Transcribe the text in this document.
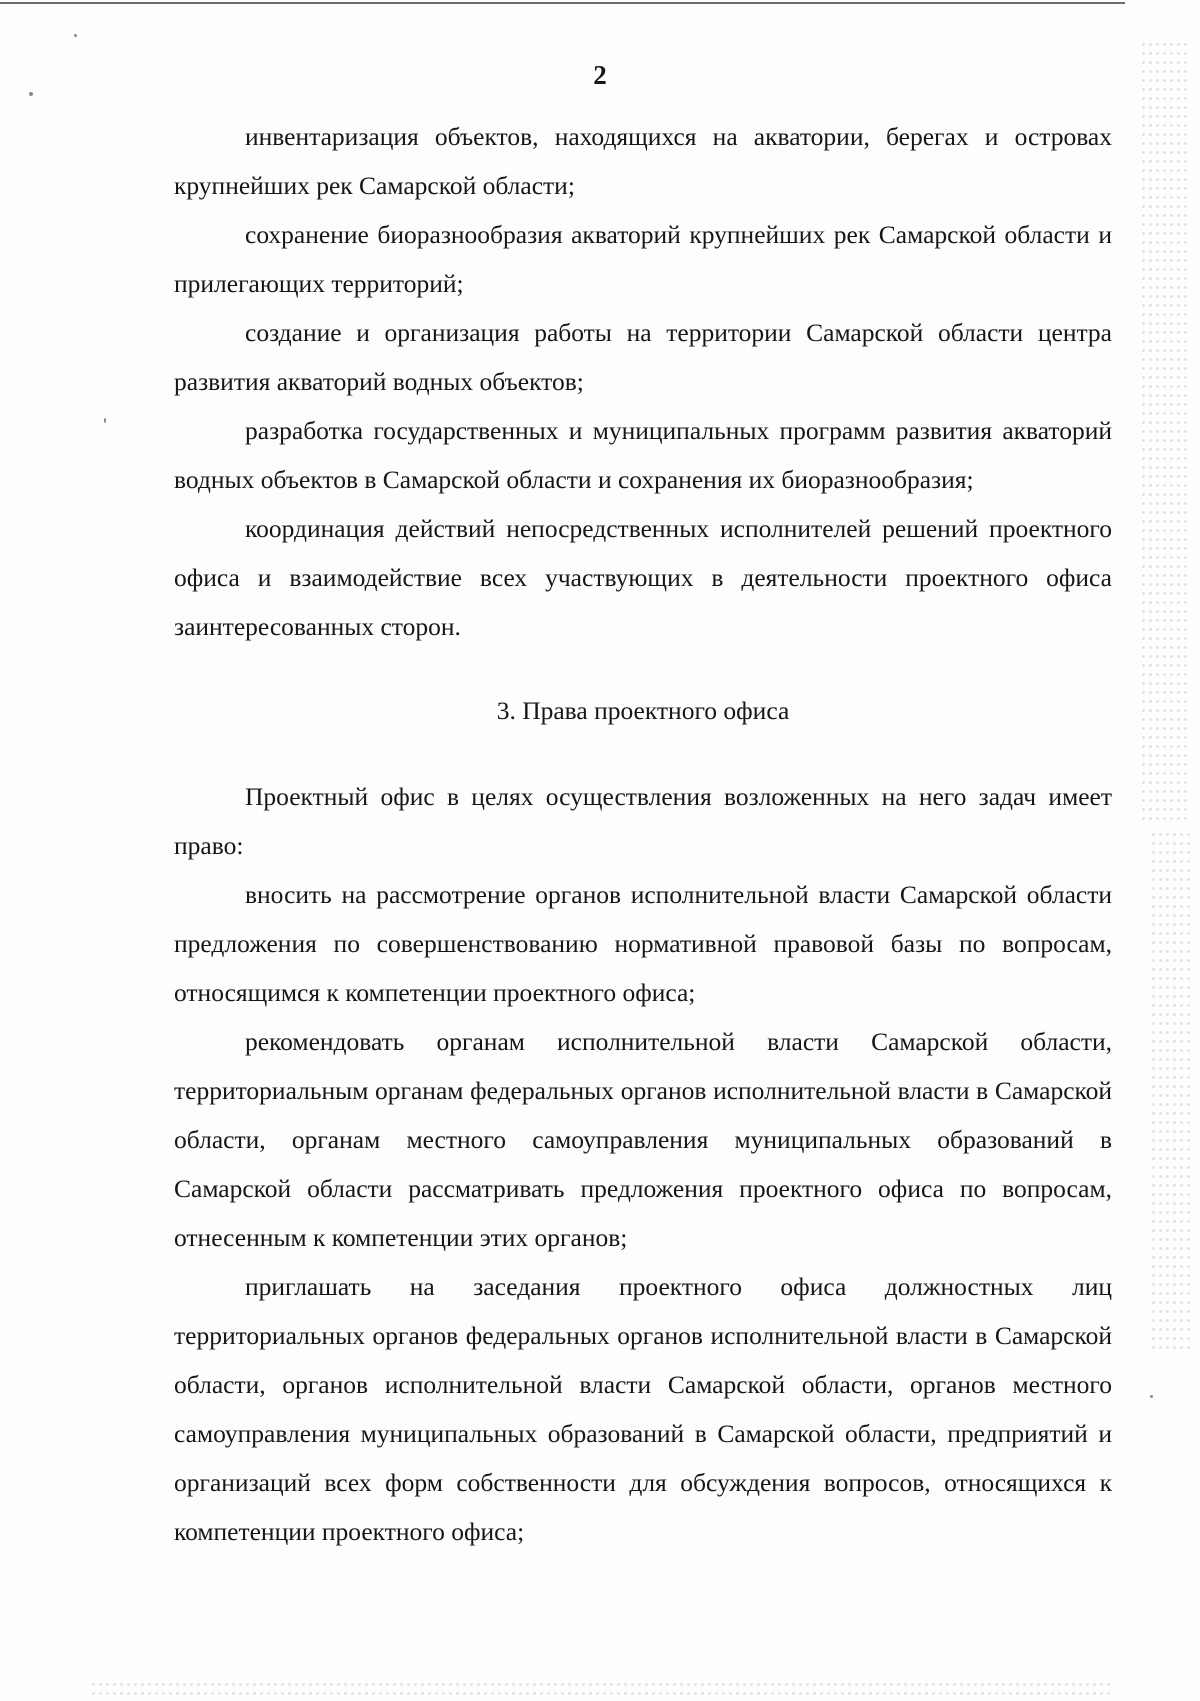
2

инвентаризация объектов, находящихся на акватории, берегах и островах крупнейших рек Самарской области;

сохранение биоразнообразия акваторий крупнейших рек Самарской области и прилегающих территорий;

создание и организация работы на территории Самарской области центра развития акваторий водных объектов;

разработка государственных и муниципальных программ развития акваторий водных объектов в Самарской области и сохранения их биоразнообразия;

координация действий непосредственных исполнителей решений проектного офиса и взаимодействие всех участвующих в деятельности проектного офиса заинтересованных сторон.

3. Права проектного офиса

Проектный офис в целях осуществления возложенных на него задач имеет право:

вносить на рассмотрение органов исполнительной власти Самарской области предложения по совершенствованию нормативной правовой базы по вопросам, относящимся к компетенции проектного офиса;

рекомендовать органам исполнительной власти Самарской области, территориальным органам федеральных органов исполнительной власти в Самарской области, органам местного самоуправления муниципальных образований в Самарской области рассматривать предложения проектного офиса по вопросам, отнесенным к компетенции этих органов;

приглашать на заседания проектного офиса должностных лиц территориальных органов федеральных органов исполнительной власти в Самарской области, органов исполнительной власти Самарской области, органов местного самоуправления муниципальных образований в Самарской области, предприятий и организаций всех форм собственности для обсуждения вопросов, относящихся к компетенции проектного офиса;
